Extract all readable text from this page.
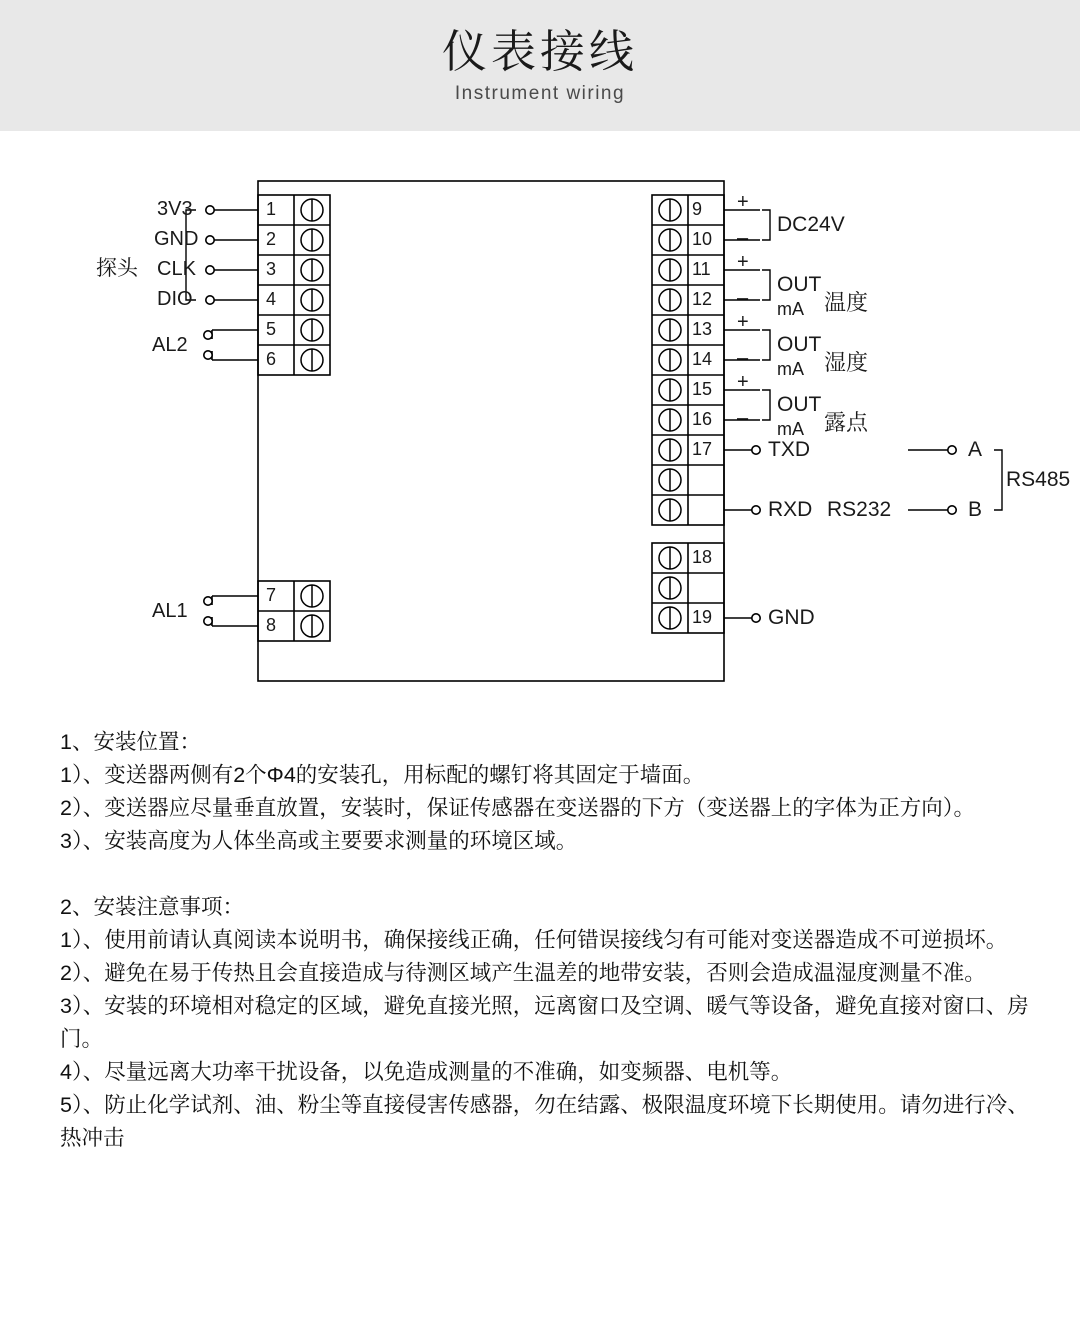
仪表接线
Instrument wiring
1
2
3
4
5
6
7
8
3V3
GND
CLK
DIO
探头
AL2
AL1
9
10
11
12
13
14
15
16
17
18
19
+
–
+
–
+
–
+
–
DC24V
OUT
mA 温度
OUT
mA 湿度
OUT
mA 露点
TXD
RXD
GND
RS232
A
B
RS485

1、安装位置：

1）、变送器两侧有2个Φ4的安装孔，用标配的螺钉将其固定于墙面。

2）、变送器应尽量垂直放置，安装时，保证传感器在变送器的下方（变送器上的字体为正方向）。

3）、安装高度为人体坐高或主要要求测量的环境区域。

2、安装注意事项：

1）、使用前请认真阅读本说明书，确保接线正确，任何错误接线匀有可能对变送器造成不可逆损坏。

2）、避免在易于传热且会直接造成与待测区域产生温差的地带安装，否则会造成温湿度测量不准。

3）、安装的环境相对稳定的区域，避免直接光照，远离窗口及空调、暖气等设备，避免直接对窗口、房门。

4）、尽量远离大功率干扰设备，以免造成测量的不准确，如变频器、电机等。

5）、防止化学试剂、油、粉尘等直接侵害传感器，勿在结露、极限温度环境下长期使用。请勿进行冷、热冲击
